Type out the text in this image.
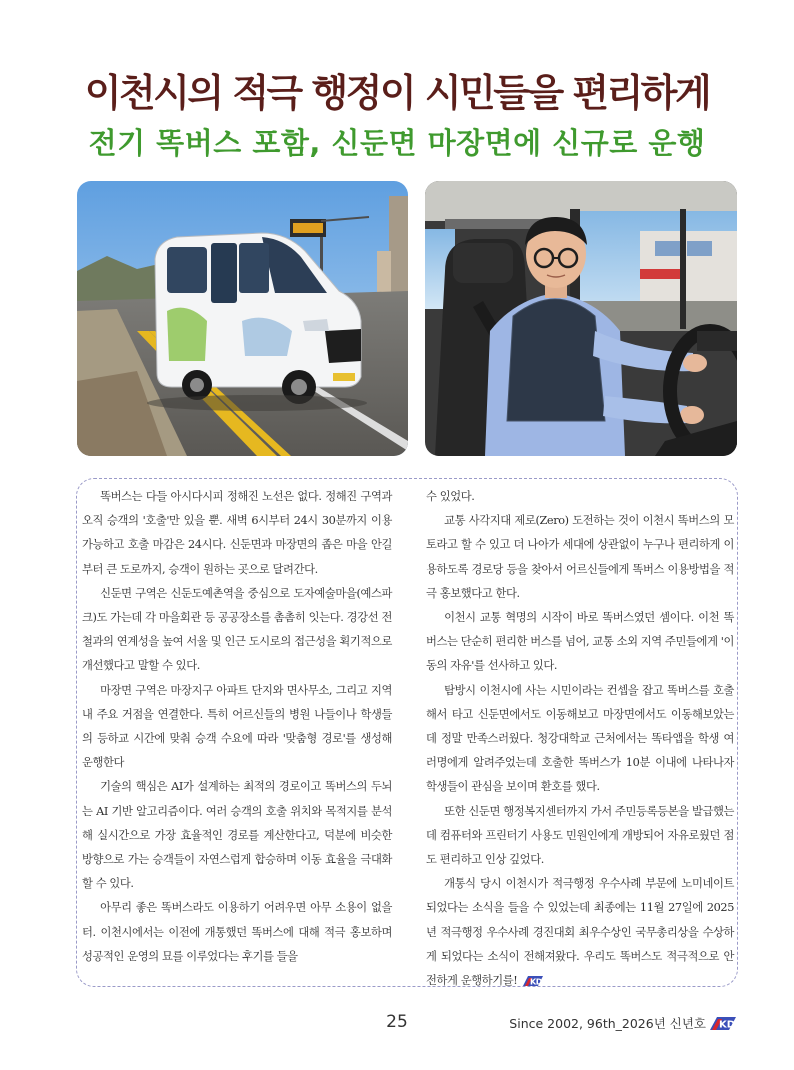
이천시의 적극 행정이 시민들을 편리하게
전기 똑버스 포함, 신둔면 마장면에 신규로 운행

똑버스는 다들 아시다시피 정해진 노선은 없다. 정해진 구역과 오직 승객의 '호출'만 있을 뿐. 새벽 6시부터 24시 30분까지 이용 가능하고 호출 마감은 24시다. 신둔면과 마장면의 좁은 마을 안길부터 큰 도로까지, 승객이 원하는 곳으로 달려간다.

신둔면 구역은 신둔도예촌역을 중심으로 도자예술마을(예스파크)도 가는데 각 마을회관 등 공공장소를 촘촘히 잇는다. 경강선 전철과의 연계성을 높여 서울 및 인근 도시로의 접근성을 획기적으로 개선했다고 말할 수 있다.

마장면 구역은 마장지구 아파트 단지와 면사무소, 그리고 지역 내 주요 거점을 연결한다. 특히 어르신들의 병원 나들이나 학생들의 등하교 시간에 맞춰 승객 수요에 따라 '맞춤형 경로'를 생성해 운행한다

기술의 핵심은 AI가 설계하는 최적의 경로이고 똑버스의 두뇌는 AI 기반 알고리즘이다. 여러 승객의 호출 위치와 목적지를 분석해 실시간으로 가장 효율적인 경로를 계산한다고, 덕분에 비슷한 방향으로 가는 승객들이 자연스럽게 합승하며 이동 효율을 극대화할 수 있다.

아무리 좋은 똑버스라도 이용하기 어려우면 아무 소용이 없을 터. 이천시에서는 이전에 개통했던 똑버스에 대해 적극 홍보하며 성공적인 운영의 묘를 이루었다는 후기를 들을

수 있었다.

교통 사각지대 제로(Zero) 도전하는 것이 이천시 똑버스의 모토라고 할 수 있고 더 나아가 세대에 상관없이 누구나 편리하게 이용하도록 경로당 등을 찾아서 어르신들에게 똑버스 이용방법을 적극 홍보했다고 한다.

이천시 교통 혁명의 시작이 바로 똑버스였던 셈이다. 이천 똑버스는 단순히 편리한 버스를 넘어, 교통 소외 지역 주민들에게 '이동의 자유'를 선사하고 있다.

탐방시 이천시에 사는 시민이라는 컨셉을 잡고 똑버스를 호출해서 타고 신둔면에서도 이동해보고 마장면에서도 이동해보았는데 정말 만족스러웠다. 청강대학교 근처에서는 똑타앱을 학생 여러명에게 알려주었는데 호출한 똑버스가 10분 이내에 나타나자 학생들이 관심을 보이며 환호를 했다.

또한 신둔면 행정복지센터까지 가서 주민등록등본을 발급했는데 컴퓨터와 프린터기 사용도 민원인에게 개방되어 자유로웠던 점도 편리하고 인상 깊었다.

개통식 당시 이천시가 적극행정 우수사례 부문에 노미네이트 되었다는 소식을 들을 수 있었는데 최종에는 11월 27일에 2025년 적극행정 우수사례 경진대회 최우수상인 국무총리상을 수상하게 되었다는 소식이 전해져왔다. 우리도 똑버스도 적극적으로 안전하게 운행하기를! KD

25	Since 2002, 96th_2026년 신년호 KD
